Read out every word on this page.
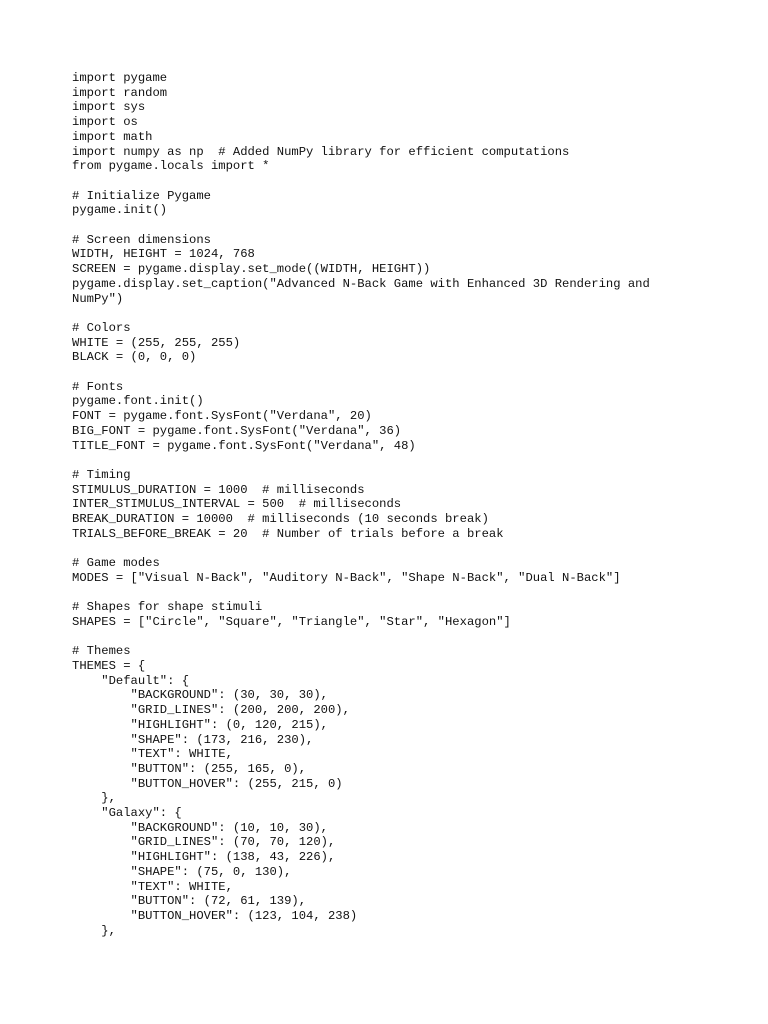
import pygame
import random
import sys
import os
import math
import numpy as np  # Added NumPy library for efficient computations
from pygame.locals import *
# Initialize Pygame
pygame.init()
# Screen dimensions
WIDTH, HEIGHT = 1024, 768
SCREEN = pygame.display.set_mode((WIDTH, HEIGHT))
pygame.display.set_caption("Advanced N-Back Game with Enhanced 3D Rendering and
NumPy")
# Colors
WHITE = (255, 255, 255)
BLACK = (0, 0, 0)
# Fonts
pygame.font.init()
FONT = pygame.font.SysFont("Verdana", 20)
BIG_FONT = pygame.font.SysFont("Verdana", 36)
TITLE_FONT = pygame.font.SysFont("Verdana", 48)
# Timing
STIMULUS_DURATION = 1000  # milliseconds
INTER_STIMULUS_INTERVAL = 500  # milliseconds
BREAK_DURATION = 10000  # milliseconds (10 seconds break)
TRIALS_BEFORE_BREAK = 20  # Number of trials before a break
# Game modes
MODES = ["Visual N-Back", "Auditory N-Back", "Shape N-Back", "Dual N-Back"]
# Shapes for shape stimuli
SHAPES = ["Circle", "Square", "Triangle", "Star", "Hexagon"]
# Themes
THEMES = {
"Default": {
"BACKGROUND": (30, 30, 30),
"GRID_LINES": (200, 200, 200),
"HIGHLIGHT": (0, 120, 215),
"SHAPE": (173, 216, 230),
"TEXT": WHITE,
"BUTTON": (255, 165, 0),
"BUTTON_HOVER": (255, 215, 0)
},
"Galaxy": {
"BACKGROUND": (10, 10, 30),
"GRID_LINES": (70, 70, 120),
"HIGHLIGHT": (138, 43, 226),
"SHAPE": (75, 0, 130),
"TEXT": WHITE,
"BUTTON": (72, 61, 139),
"BUTTON_HOVER": (123, 104, 238)
},
